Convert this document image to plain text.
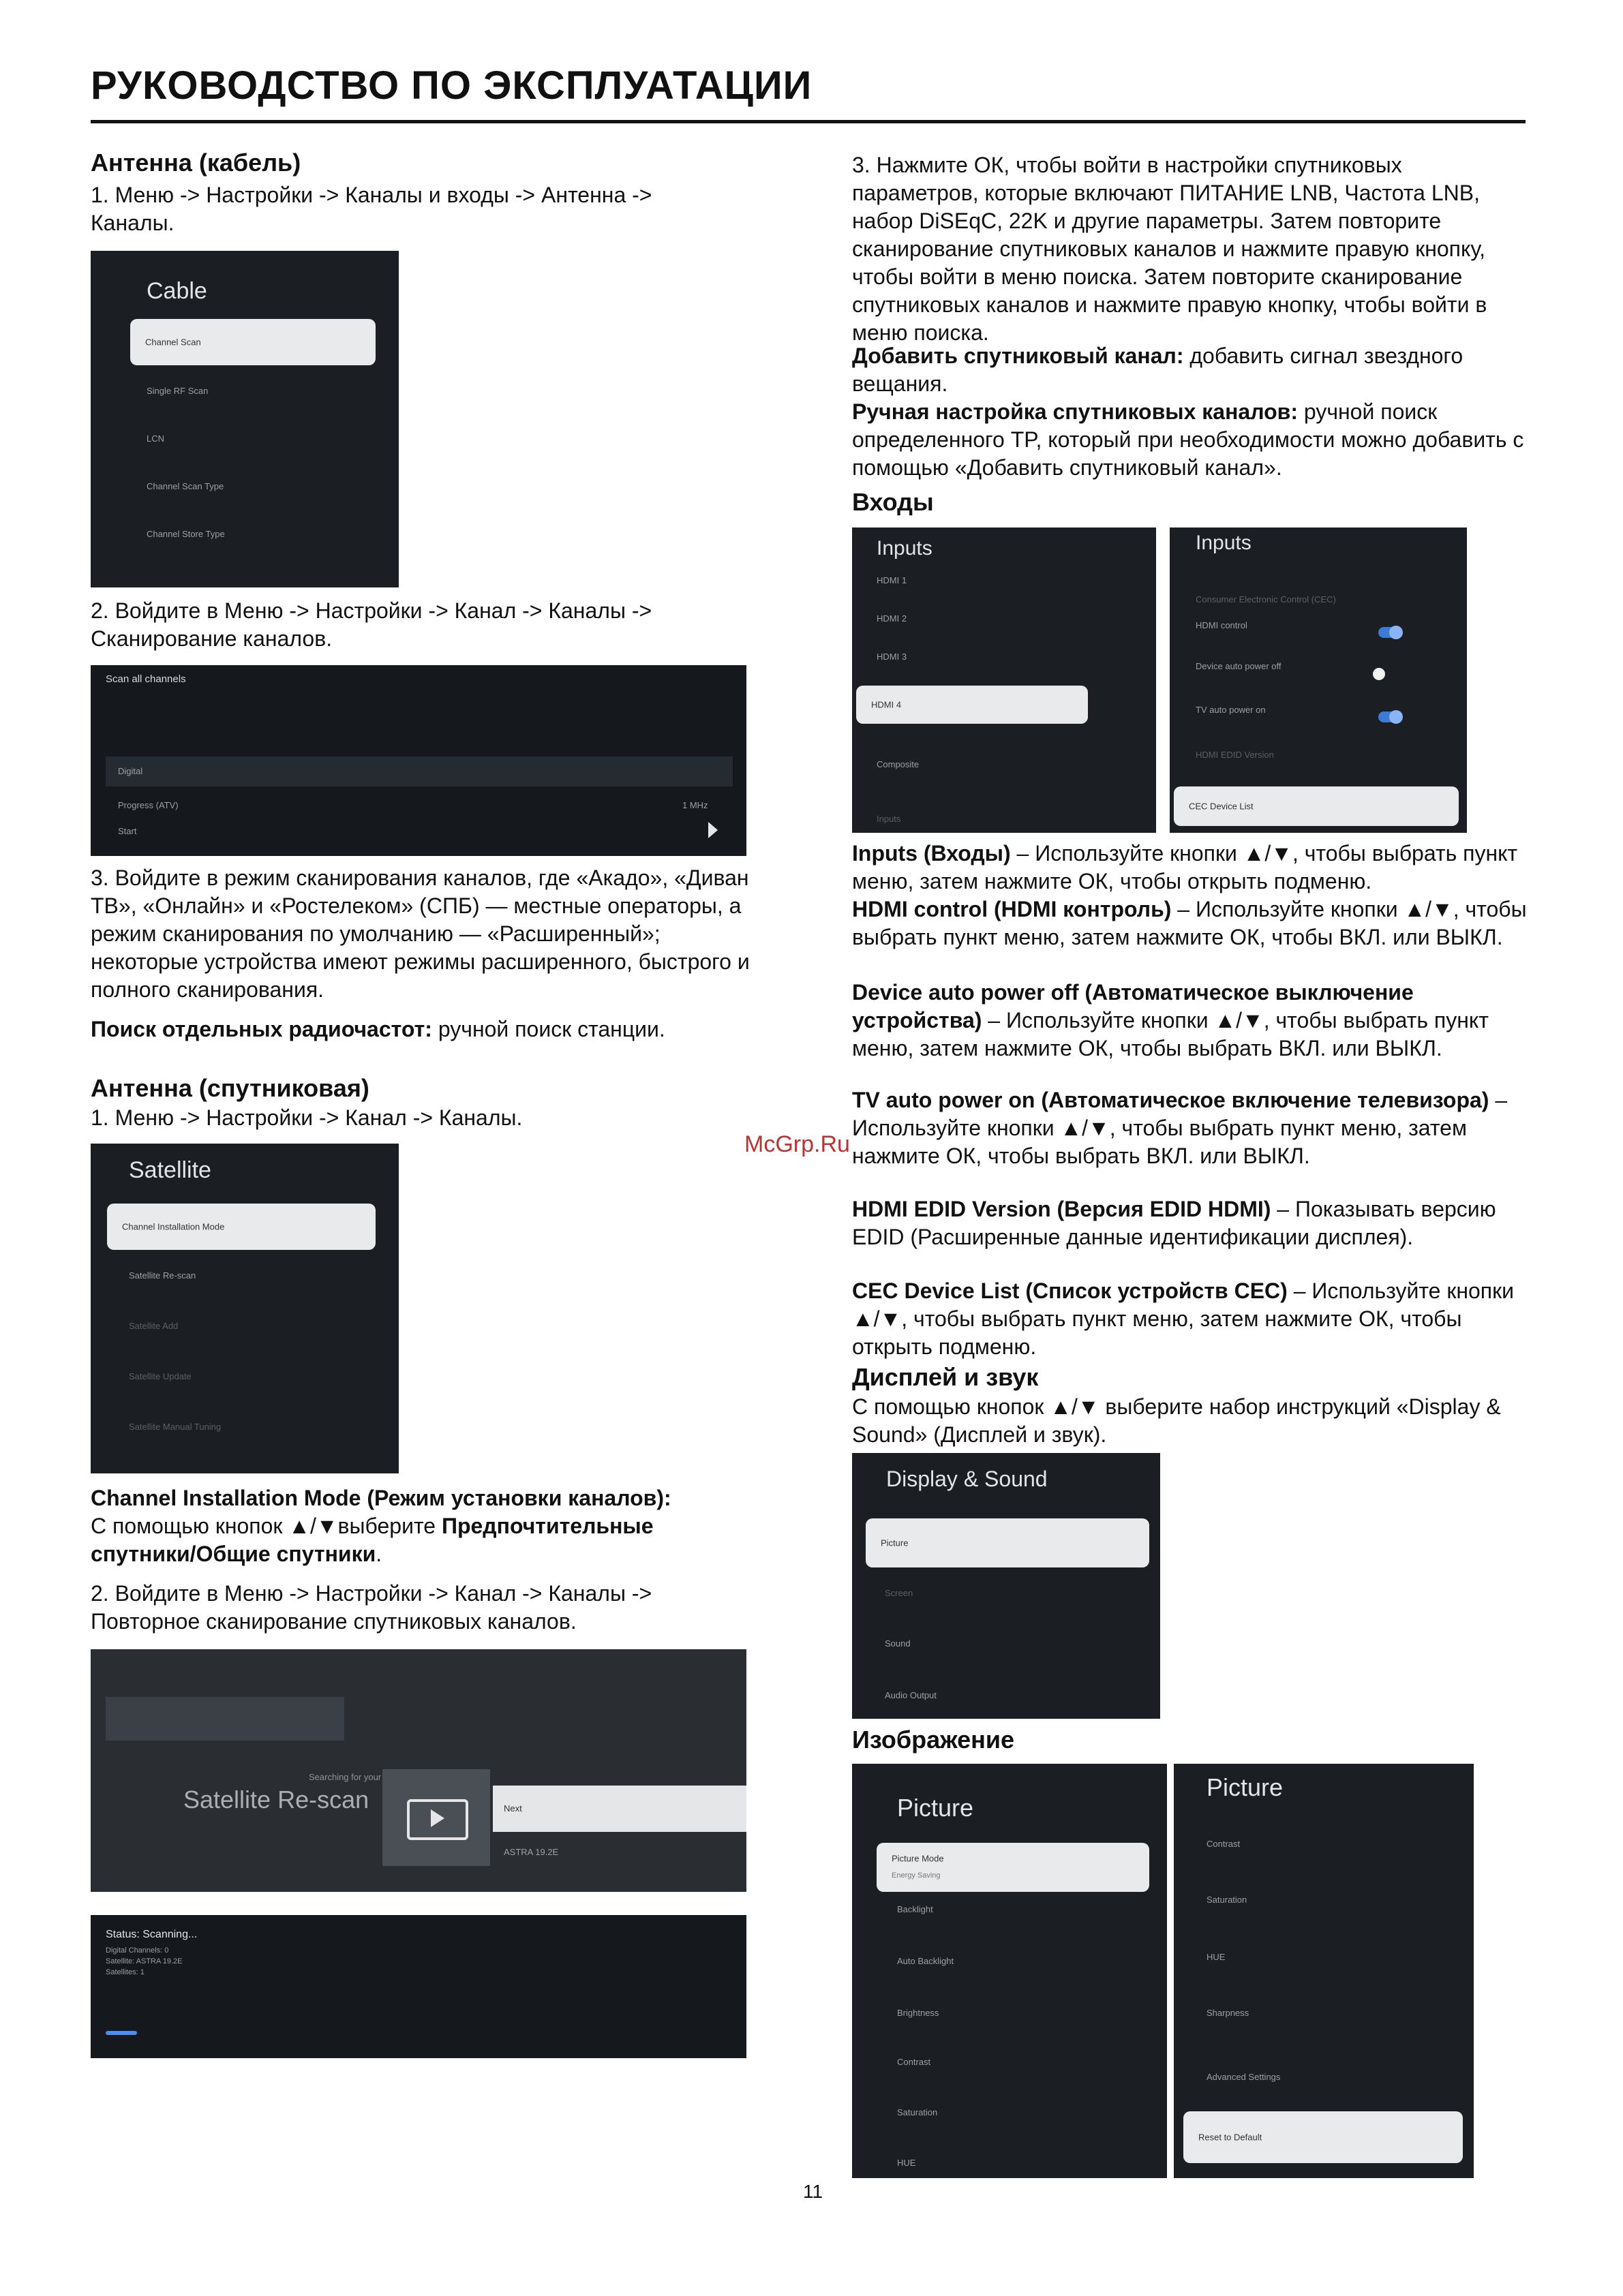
РУКОВОДСТВО ПО ЭКСПЛУАТАЦИИ
Антенна (кабель)
1. Меню -> Настройки -> Каналы и входы -> Антенна -> Каналы.
Cable
Channel Scan
Single RF Scan
LCN
Channel Scan Type
Channel Store Type
2. Войдите в Меню -> Настройки -> Канал -> Каналы -> Сканирование каналов.
Scan all channels
Digital
Progress (ATV)	1 MHz
Start
3. Войдите в режим сканирования каналов, где «Акадо», «Диван ТВ», «Онлайн» и «Ростелеком» (СПБ) — местные операторы, а режим сканирования по умолчанию — «Расширенный»; некоторые устройства имеют режимы расширенного, быстрого и полного сканирования.
Поиск отдельных радиочастот: ручной поиск станции.
Антенна (спутниковая)
1. Меню -> Настройки -> Канал -> Каналы.
Satellite
Channel Installation Mode
Satellite Re-scan
Satellite Add
Satellite Update
Satellite Manual Tuning
Channel Installation Mode (Режим установки каналов):
С помощью кнопок ▲/▼выберите Предпочтительные спутники/Общие спутники.
2. Войдите в Меню -> Настройки -> Канал -> Каналы -> Повторное сканирование спутниковых каналов.
Searching for your
Satellite Re-scan	Next
ASTRA 19.2E
Status: Scanning...
Digital Channels: 0
Satellite: ASTRA 19.2E
Satellites: 1
3. Нажмите ОК, чтобы войти в настройки спутниковых параметров, которые включают ПИТАНИЕ LNB, Частота LNB, набор DiSEqC, 22K и другие параметры. Затем повторите сканирование спутниковых каналов и нажмите правую кнопку, чтобы войти в меню поиска. Затем повторите сканирование спутниковых каналов и нажмите правую кнопку, чтобы войти в меню поиска.
Добавить спутниковый канал: добавить сигнал звездного вещания.
Ручная настройка спутниковых каналов: ручной поиск определенного TP, который при необходимости можно добавить с помощью «Добавить спутниковый канал».
Входы
Inputs
HDMI 1
HDMI 2
HDMI 3
HDMI 4
Composite
Inputs
Inputs
Consumer Electronic Control (CEC)
HDMI control
Device auto power off
TV auto power on
HDMI EDID Version
CEC Device List
Inputs (Входы) – Используйте кнопки ▲/▼, чтобы выбрать пункт меню, затем нажмите ОК, чтобы открыть подменю.
HDMI control (HDMI контроль) – Используйте кнопки ▲/▼, чтобы выбрать пункт меню, затем нажмите ОК, чтобы ВКЛ. или ВЫКЛ.
Device auto power off (Автоматическое выключение устройства) – Используйте кнопки ▲/▼, чтобы выбрать пункт меню, затем нажмите ОК, чтобы выбрать ВКЛ. или ВЫКЛ.
TV auto power on (Автоматическое включение телевизора) – Используйте кнопки ▲/▼, чтобы выбрать пункт меню, затем нажмите ОК, чтобы выбрать ВКЛ. или ВЫКЛ.
HDMI EDID Version (Версия EDID HDMI) – Показывать версию EDID (Расширенные данные идентификации дисплея).
CEC Device List (Список устройств CEC) – Используйте кнопки ▲/▼, чтобы выбрать пункт меню, затем нажмите ОК, чтобы открыть подменю.
Дисплей и звук
С помощью кнопок ▲/▼ выберите набор инструкций «Display & Sound» (Дисплей и звук).
Display & Sound
Picture
Screen
Sound
Audio Output
Изображение
Picture
Picture Mode
Energy Saving
Backlight
Auto Backlight
Brightness
Contrast
Saturation
HUE
Picture
Contrast
Saturation
HUE
Sharpness
Advanced Settings
Reset to Default
McGrp.Ru
11
